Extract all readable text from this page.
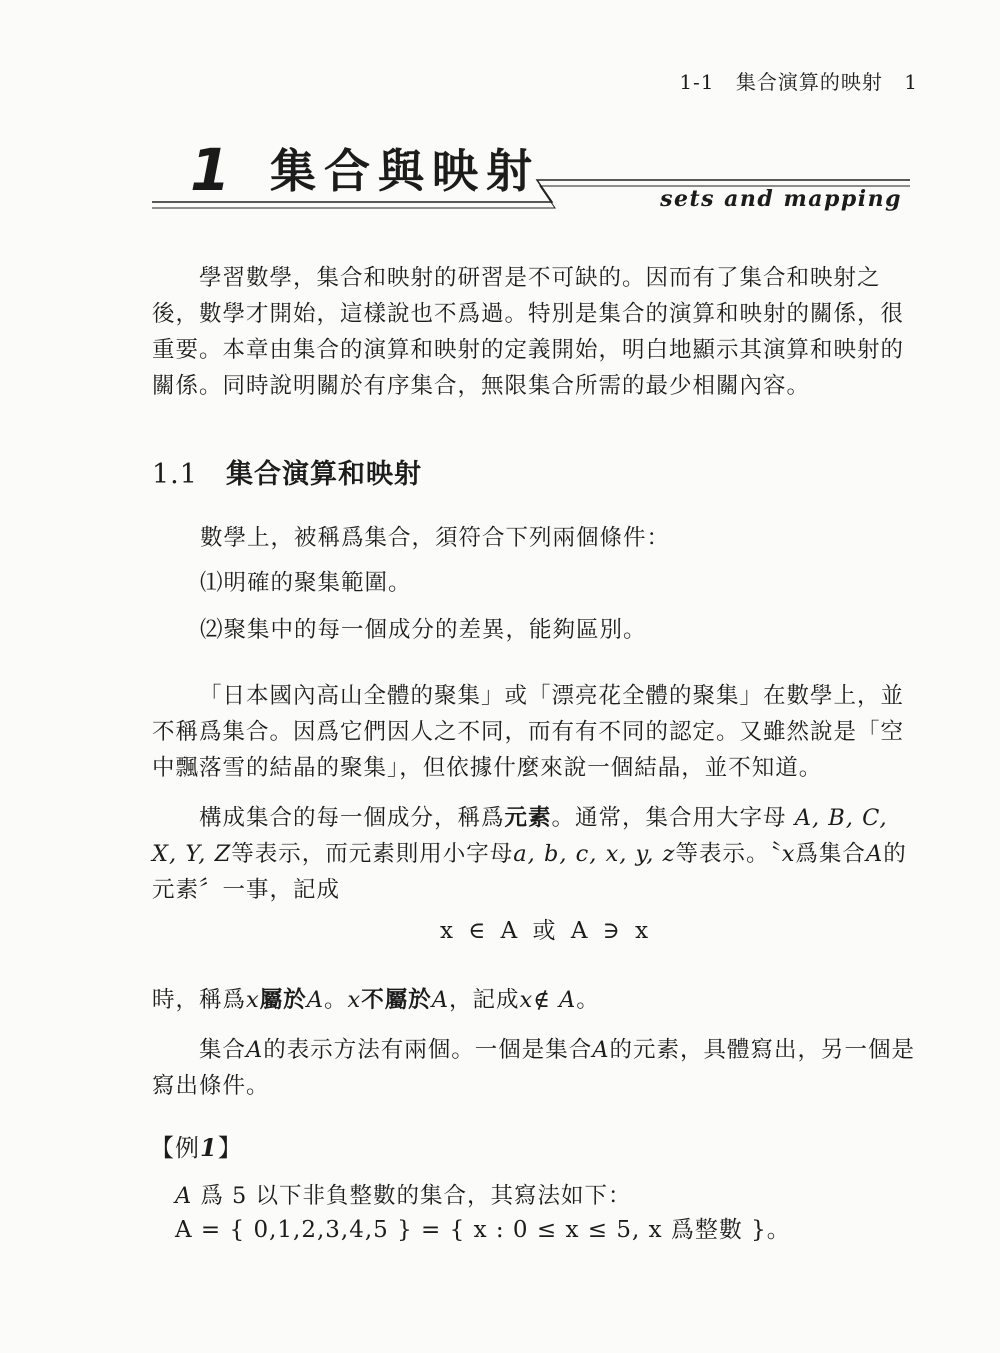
1-1 集合演算的映射 1
1 集合與映射
sets and mapping

學習數學，集合和映射的研習是不可缺的。因而有了集合和映射之後，數學才開始，這樣說也不爲過。特別是集合的演算和映射的關係，很重要。本章由集合的演算和映射的定義開始，明白地顯示其演算和映射的關係。同時說明關於有序集合，無限集合所需的最少相關內容。

1.1 集合演算和映射

數學上，被稱爲集合，須符合下列兩個條件：

⑴明確的聚集範圍。

⑵聚集中的每一個成分的差異，能夠區別。

「日本國內高山全體的聚集」或「漂亮花全體的聚集」在數學上，並不稱爲集合。因爲它們因人之不同，而有有不同的認定。又雖然說是「空中飄落雪的結晶的聚集」，但依據什麼來說一個結晶，並不知道。

構成集合的每一個成分，稱爲元素。通常，集合用大字母 A, B, C, X, Y, Z等表示，而元素則用小字母a, b, c, x, y, z等表示。〝x爲集合A的元素〞一事，記成

x ∈ A 或 A ∋ x

時，稱爲x屬於A。x不屬於A，記成x∉ A。

集合A的表示方法有兩個。一個是集合A的元素，具體寫出，另一個是寫出條件。

【例1】

A 爲 5 以下非負整數的集合，其寫法如下：

A = { 0,1,2,3,4,5 } = { x : 0 ≤ x ≤ 5, x 爲整數 }。
